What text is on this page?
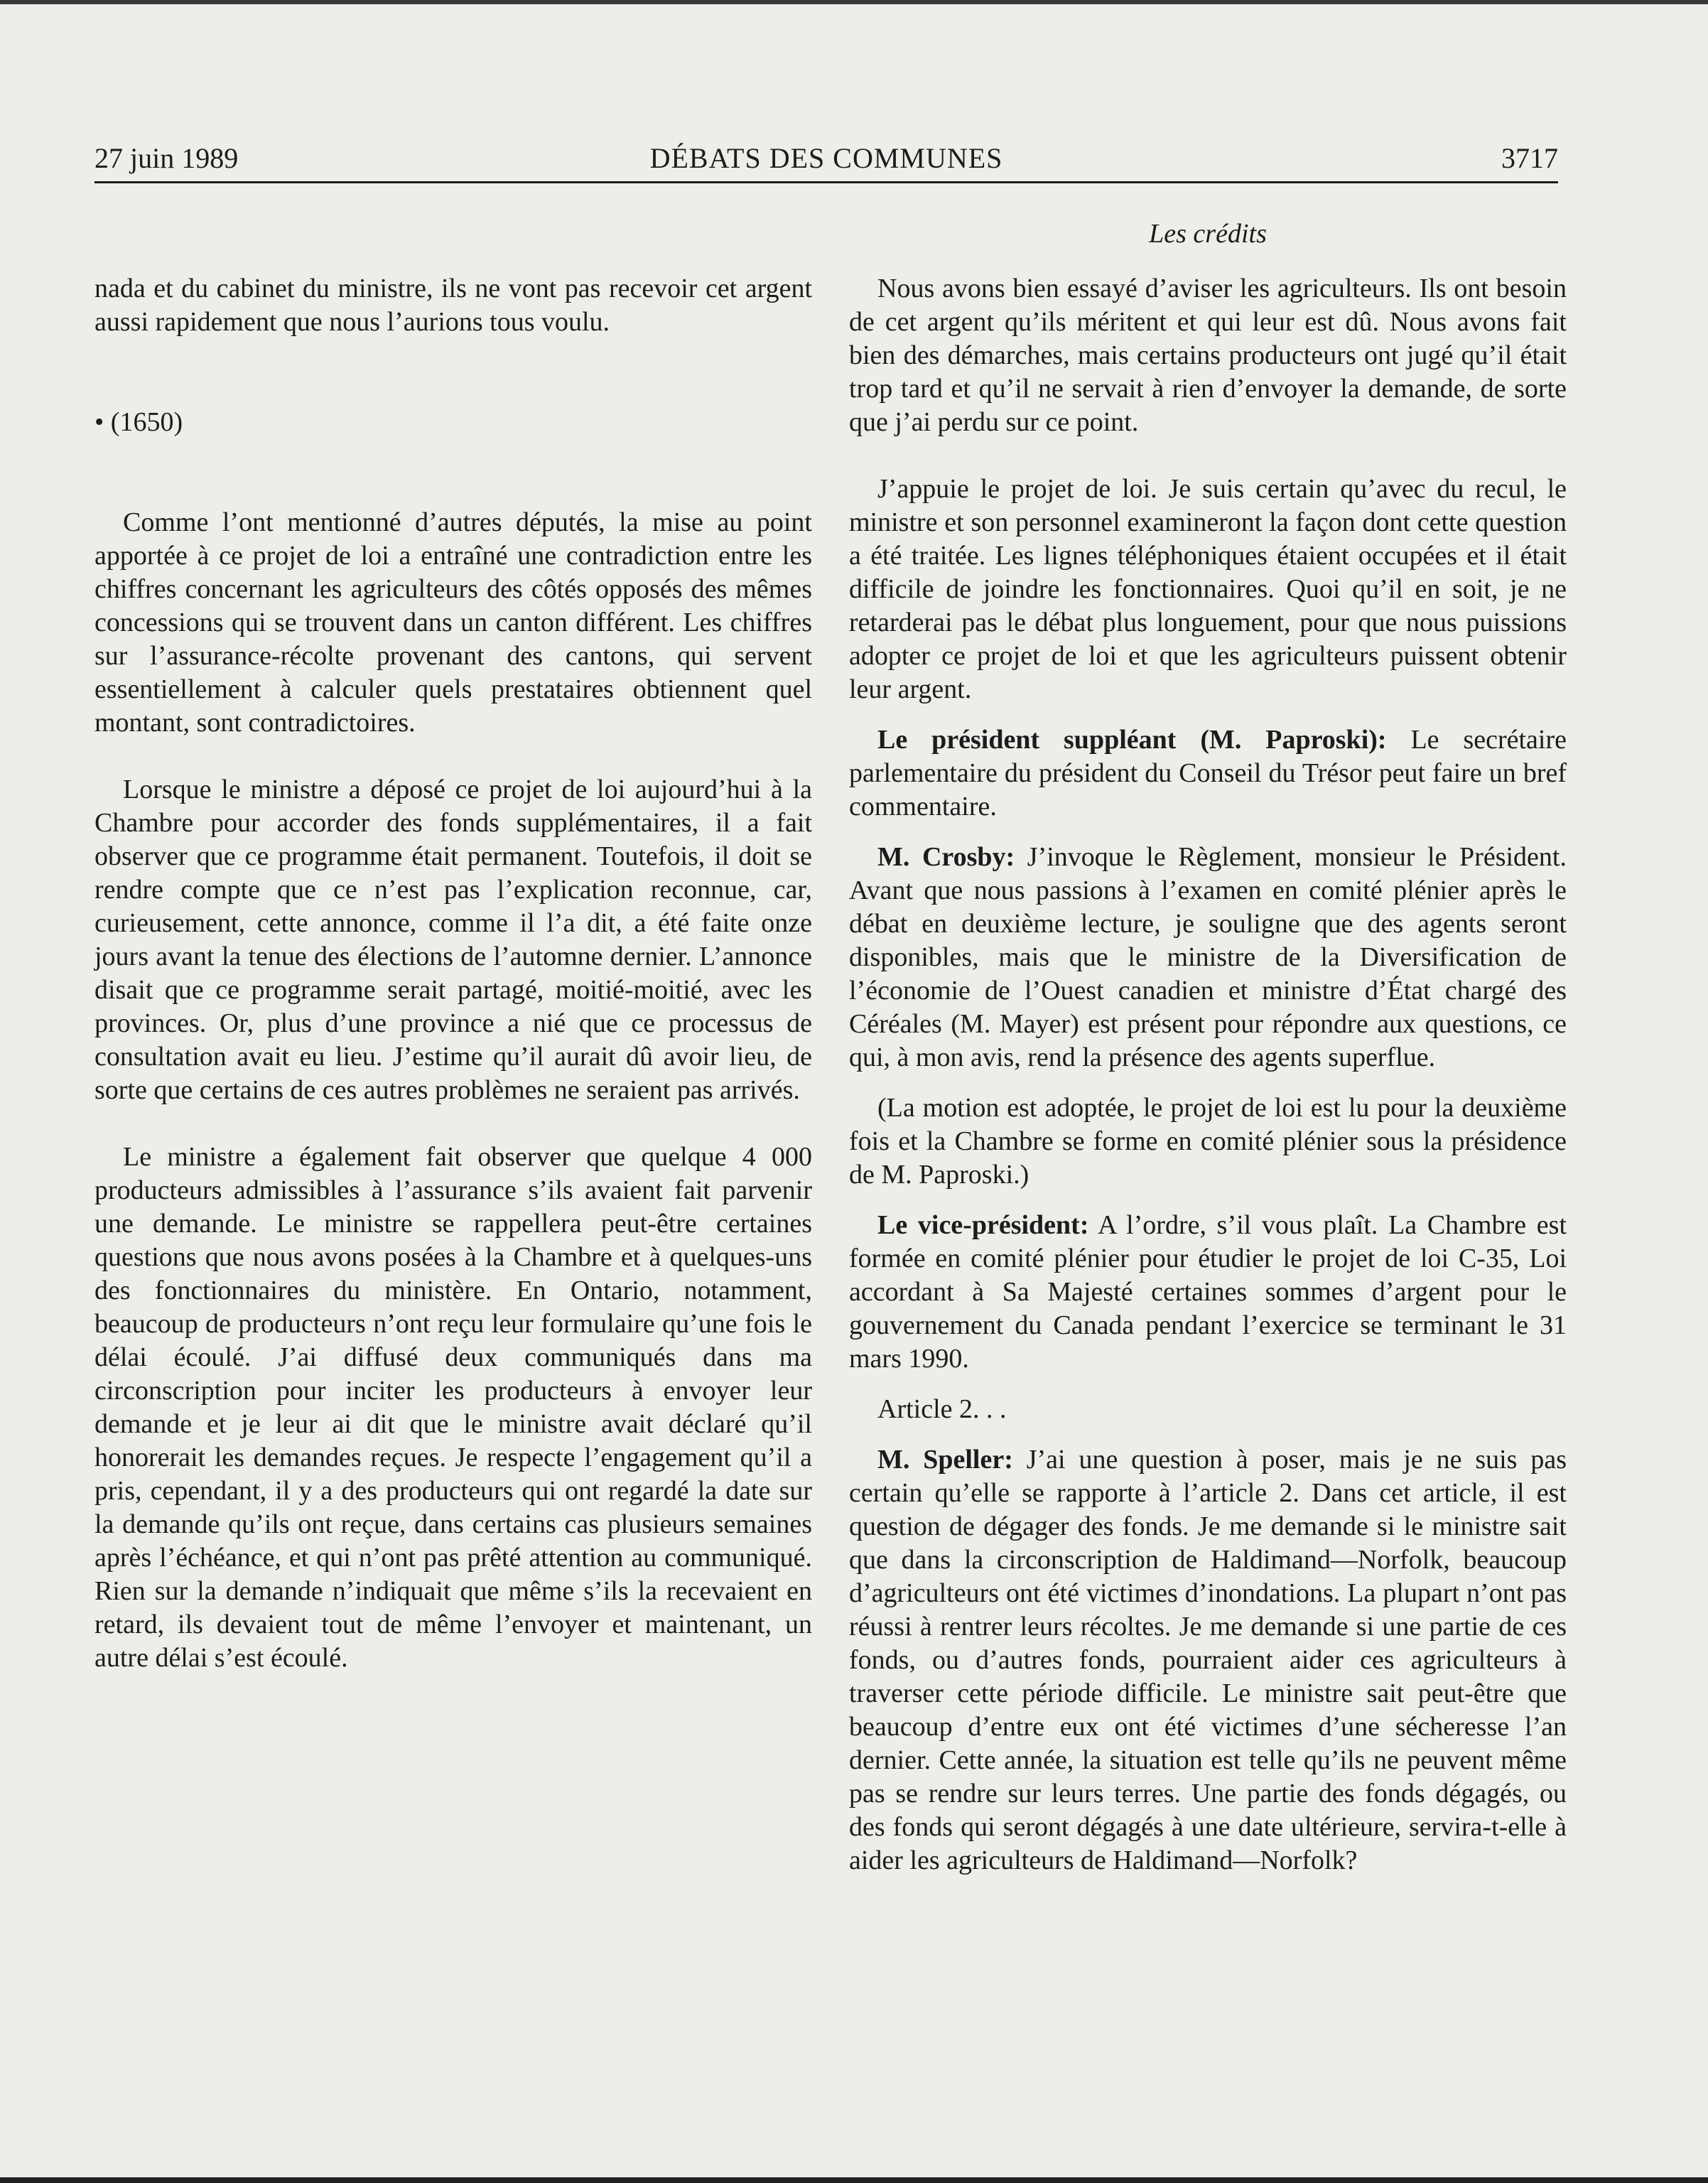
DÉBATS DES COMMUNES
27 juin 1989	3717
Les crédits

nada et du cabinet du ministre, ils ne vont pas recevoir cet argent aussi rapidement que nous l’aurions tous voulu.

• (1650)

Comme l’ont mentionné d’autres députés, la mise au point apportée à ce projet de loi a entraîné une contradiction entre les chiffres concernant les agriculteurs des côtés opposés des mêmes concessions qui se trouvent dans un canton différent. Les chiffres sur l’assurance-récolte provenant des cantons, qui servent essentiellement à calculer quels prestataires obtiennent quel montant, sont contradictoires.

Lorsque le ministre a déposé ce projet de loi aujourd’hui à la Chambre pour accorder des fonds supplémentaires, il a fait observer que ce programme était permanent. Toutefois, il doit se rendre compte que ce n’est pas l’explication reconnue, car, curieusement, cette annonce, comme il l’a dit, a été faite onze jours avant la tenue des élections de l’automne dernier. L’annonce disait que ce programme serait partagé, moitié-moitié, avec les provinces. Or, plus d’une province a nié que ce processus de consultation avait eu lieu. J’estime qu’il aurait dû avoir lieu, de sorte que certains de ces autres problèmes ne seraient pas arrivés.

Le ministre a également fait observer que quelque 4 000 producteurs admissibles à l’assurance s’ils avaient fait parvenir une demande. Le ministre se rappellera peut-être certaines questions que nous avons posées à la Chambre et à quelques-uns des fonctionnaires du ministère. En Ontario, notamment, beaucoup de producteurs n’ont reçu leur formulaire qu’une fois le délai écoulé. J’ai diffusé deux communiqués dans ma circonscription pour inciter les producteurs à envoyer leur demande et je leur ai dit que le ministre avait déclaré qu’il honorerait les demandes reçues. Je respecte l’engagement qu’il a pris, cependant, il y a des producteurs qui ont regardé la date sur la demande qu’ils ont reçue, dans certains cas plusieurs semaines après l’échéance, et qui n’ont pas prêté attention au communiqué. Rien sur la demande n’indiquait que même s’ils la recevaient en retard, ils devaient tout de même l’envoyer et maintenant, un autre délai s’est écoulé.

Nous avons bien essayé d’aviser les agriculteurs. Ils ont besoin de cet argent qu’ils méritent et qui leur est dû. Nous avons fait bien des démarches, mais certains producteurs ont jugé qu’il était trop tard et qu’il ne servait à rien d’envoyer la demande, de sorte que j’ai perdu sur ce point.

J’appuie le projet de loi. Je suis certain qu’avec du recul, le ministre et son personnel examineront la façon dont cette question a été traitée. Les lignes téléphoniques étaient occupées et il était difficile de joindre les fonctionnaires. Quoi qu’il en soit, je ne retarderai pas le débat plus longuement, pour que nous puissions adopter ce projet de loi et que les agriculteurs puissent obtenir leur argent.

Le président suppléant (M. Paproski): Le secrétaire parlementaire du président du Conseil du Trésor peut faire un bref commentaire.

M. Crosby: J’invoque le Règlement, monsieur le Président. Avant que nous passions à l’examen en comité plénier après le débat en deuxième lecture, je souligne que des agents seront disponibles, mais que le ministre de la Diversification de l’économie de l’Ouest canadien et ministre d’État chargé des Céréales (M. Mayer) est présent pour répondre aux questions, ce qui, à mon avis, rend la présence des agents superflue.

(La motion est adoptée, le projet de loi est lu pour la deuxième fois et la Chambre se forme en comité plénier sous la présidence de M. Paproski.)

Le vice-président: A l’ordre, s’il vous plaît. La Chambre est formée en comité plénier pour étudier le projet de loi C-35, Loi accordant à Sa Majesté certaines sommes d’argent pour le gouvernement du Canada pendant l’exercice se terminant le 31 mars 1990.

Article 2. . .

M. Speller: J’ai une question à poser, mais je ne suis pas certain qu’elle se rapporte à l’article 2. Dans cet article, il est question de dégager des fonds. Je me demande si le ministre sait que dans la circonscription de Haldimand—Norfolk, beaucoup d’agriculteurs ont été victimes d’inondations. La plupart n’ont pas réussi à rentrer leurs récoltes. Je me demande si une partie de ces fonds, ou d’autres fonds, pourraient aider ces agriculteurs à traverser cette période difficile. Le ministre sait peut-être que beaucoup d’entre eux ont été victimes d’une sécheresse l’an dernier. Cette année, la situation est telle qu’ils ne peuvent même pas se rendre sur leurs terres. Une partie des fonds dégagés, ou des fonds qui seront dégagés à une date ultérieure, servira-t-elle à aider les agriculteurs de Haldimand—Norfolk?
